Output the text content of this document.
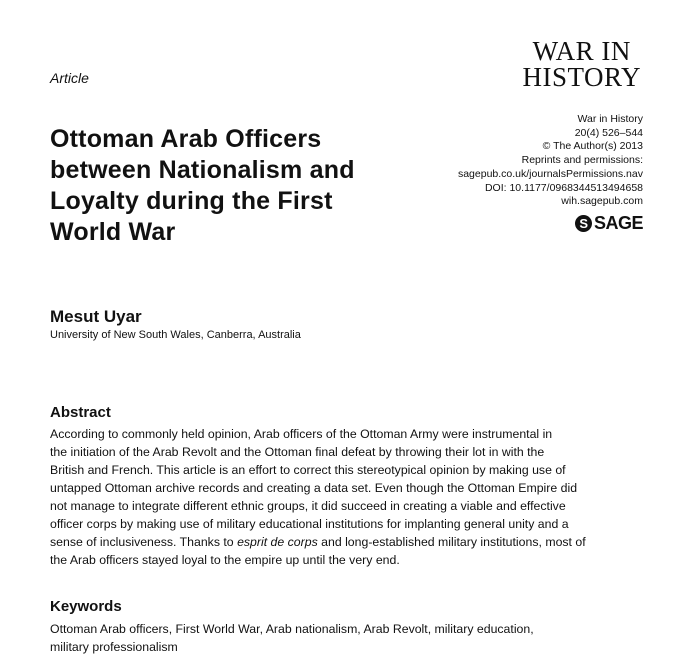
Article
WAR IN
HISTORY
Ottoman Arab Officers
between Nationalism and
Loyalty during the First
World War
War in History
20(4) 526–544
© The Author(s) 2013
Reprints and permissions:
sagepub.co.uk/journalsPermissions.nav
DOI: 10.1177/0968344513494658
wih.sagepub.com
S SAGE
Mesut Uyar
University of New South Wales, Canberra, Australia
Abstract
According to commonly held opinion, Arab officers of the Ottoman Army were instrumental in
the initiation of the Arab Revolt and the Ottoman final defeat by throwing their lot in with the
British and French. This article is an effort to correct this stereotypical opinion by making use of
untapped Ottoman archive records and creating a data set. Even though the Ottoman Empire did
not manage to integrate different ethnic groups, it did succeed in creating a viable and effective
officer corps by making use of military educational institutions for implanting general unity and a
sense of inclusiveness. Thanks to esprit de corps and long-established military institutions, most of
the Arab officers stayed loyal to the empire up until the very end.
Keywords
Ottoman Arab officers, First World War, Arab nationalism, Arab Revolt, military education,
military professionalism
